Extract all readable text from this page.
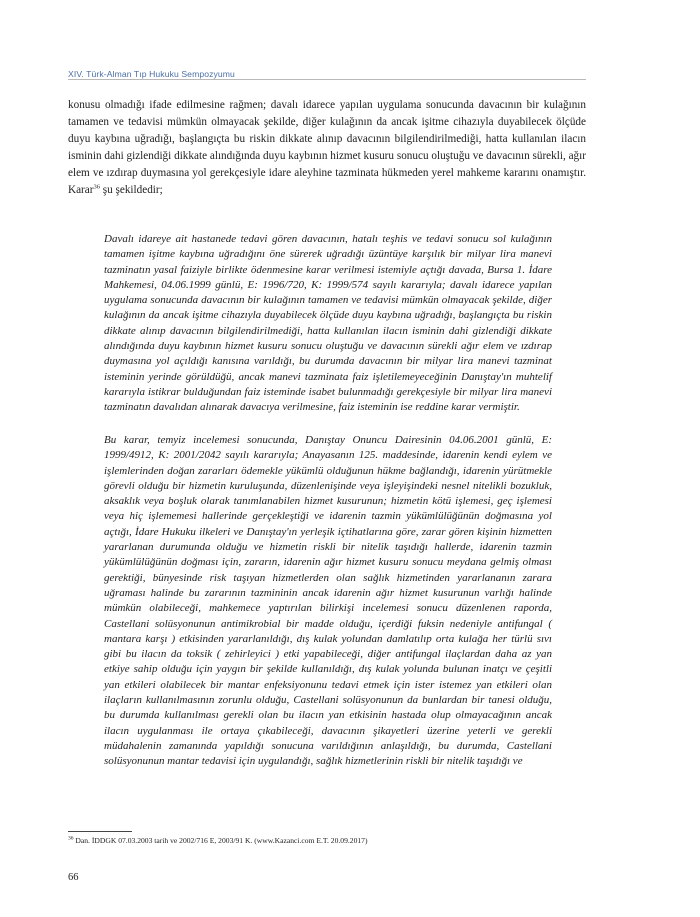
XIV. Türk-Alman Tıp Hukuku Sempozyumu

konusu olmadığı ifade edilmesine rağmen; davalı idarece yapılan uygulama sonucunda davacının bir kulağının tamamen ve tedavisi mümkün olmayacak şekilde, diğer kulağının da ancak işitme cihazıyla duyabilecek ölçüde duyu kaybına uğradığı, başlangıçta bu riskin dikkate alınıp davacının bilgilendirilmediği, hatta kullanılan ilacın isminin dahi gizlendiği dikkate alındığında duyu kaybının hizmet kusuru sonucu oluştuğu ve davacının sürekli, ağır elem ve ızdırap duymasına yol gerekçesiyle idare aleyhine tazminata hükmeden yerel mahkeme kararını onamıştır. Karar$^{36}$ şu şekildedir;

Davalı idareye ait hastanede tedavi gören davacının, hatalı teşhis ve tedavi sonucu sol kulağının tamamen işitme kaybına uğradığını öne sürerek uğradığı üzüntüye karşılık bir milyar lira manevi tazminatın yasal faiziyle birlikte ödenmesine karar verilmesi istemiyle açtığı davada, Bursa 1. İdare Mahkemesi, 04.06.1999 günlü, E: 1996/720, K: 1999/574 sayılı kararıyla; davalı idarece yapılan uygulama sonucunda davacının bir kulağının tamamen ve tedavisi mümkün olmayacak şekilde, diğer kulağının da ancak işitme cihazıyla duyabilecek ölçüde duyu kaybına uğradığı, başlangıçta bu riskin dikkate alınıp davacının bilgilendirilmediği, hatta kullanılan ilacın isminin dahi gizlendiği dikkate alındığında duyu kaybının hizmet kusuru sonucu oluştuğu ve davacının sürekli ağır elem ve ızdırap duymasına yol açıldığı kanısına varıldığı, bu durumda davacının bir milyar lira manevi tazminat isteminin yerinde görüldüğü, ancak manevi tazminata faiz işletilemeyeceğinin Danıştay'ın muhtelif kararıyla istikrar bulduğundan faiz isteminde isabet bulunmadığı gerekçesiyle bir milyar lira manevi tazminatın davalıdan alınarak davacıya verilmesine, faiz isteminin ise reddine karar vermiştir.

Bu karar, temyiz incelemesi sonucunda, Danıştay Onuncu Dairesinin 04.06.2001 günlü, E: 1999/4912, K: 2001/2042 sayılı kararıyla; Anayasanın 125. maddesinde, idarenin kendi eylem ve işlemlerinden doğan zararları ödemekle yükümlü olduğunun hükme bağlandığı, idarenin yürütmekle görevli olduğu bir hizmetin kuruluşunda, düzenlenişinde veya işleyişindeki nesnel nitelikli bozukluk, aksaklık veya boşluk olarak tanımlanabilen hizmet kusurunun; hizmetin kötü işlemesi, geç işlemesi veya hiç işlememesi hallerinde gerçekleştiği ve idarenin tazmin yükümlülüğünün doğmasına yol açtığı, İdare Hukuku ilkeleri ve Danıştay'ın yerleşik içtihatlarına göre, zarar gören kişinin hizmetten yararlanan durumunda olduğu ve hizmetin riskli bir nitelik taşıdığı hallerde, idarenin tazmin yükümlülüğünün doğması için, zararın, idarenin ağır hizmet kusuru sonucu meydana gelmiş olması gerektiği, bünyesinde risk taşıyan hizmetlerden olan sağlık hizmetinden yararlananın zarara uğraması halinde bu zararının tazmininin ancak idarenin ağır hizmet kusurunun varlığı halinde mümkün olabileceği, mahkemece yaptırılan bilirkişi incelemesi sonucu düzenlenen raporda, Castellani solüsyonunun antimikrobial bir madde olduğu, içerdiği fuksin nedeniyle antifungal ( mantara karşı ) etkisinden yararlanıldığı, dış kulak yolundan damlatılıp orta kulağa her türlü sıvı gibi bu ilacın da toksik ( zehirleyici ) etki yapabileceği, diğer antifungal ilaçlardan daha az yan etkiye sahip olduğu için yaygın bir şekilde kullanıldığı, dış kulak yolunda bulunan inatçı ve çeşitli yan etkileri olabilecek bir mantar enfeksiyonunu tedavi etmek için ister istemez yan etkileri olan ilaçların kullanılmasının zorunlu olduğu, Castellani solüsyonunun da bunlardan bir tanesi olduğu, bu durumda kullanılması gerekli olan bu ilacın yan etkisinin hastada olup olmayacağının ancak ilacın uygulanması ile ortaya çıkabileceği, davacının şikayetleri üzerine yeterli ve gerekli müdahalenin zamanında yapıldığı sonucuna varıldığının anlaşıldığı, bu durumda, Castellani solüsyonunun mantar tedavisi için uygulandığı, sağlık hizmetlerinin riskli bir nitelik taşıdığı ve

$^{36}$ Dan. İDDGK 07.03.2003 tarih ve 2002/716 E, 2003/91 K. (www.Kazanci.com E.T. 20.09.2017)

66
